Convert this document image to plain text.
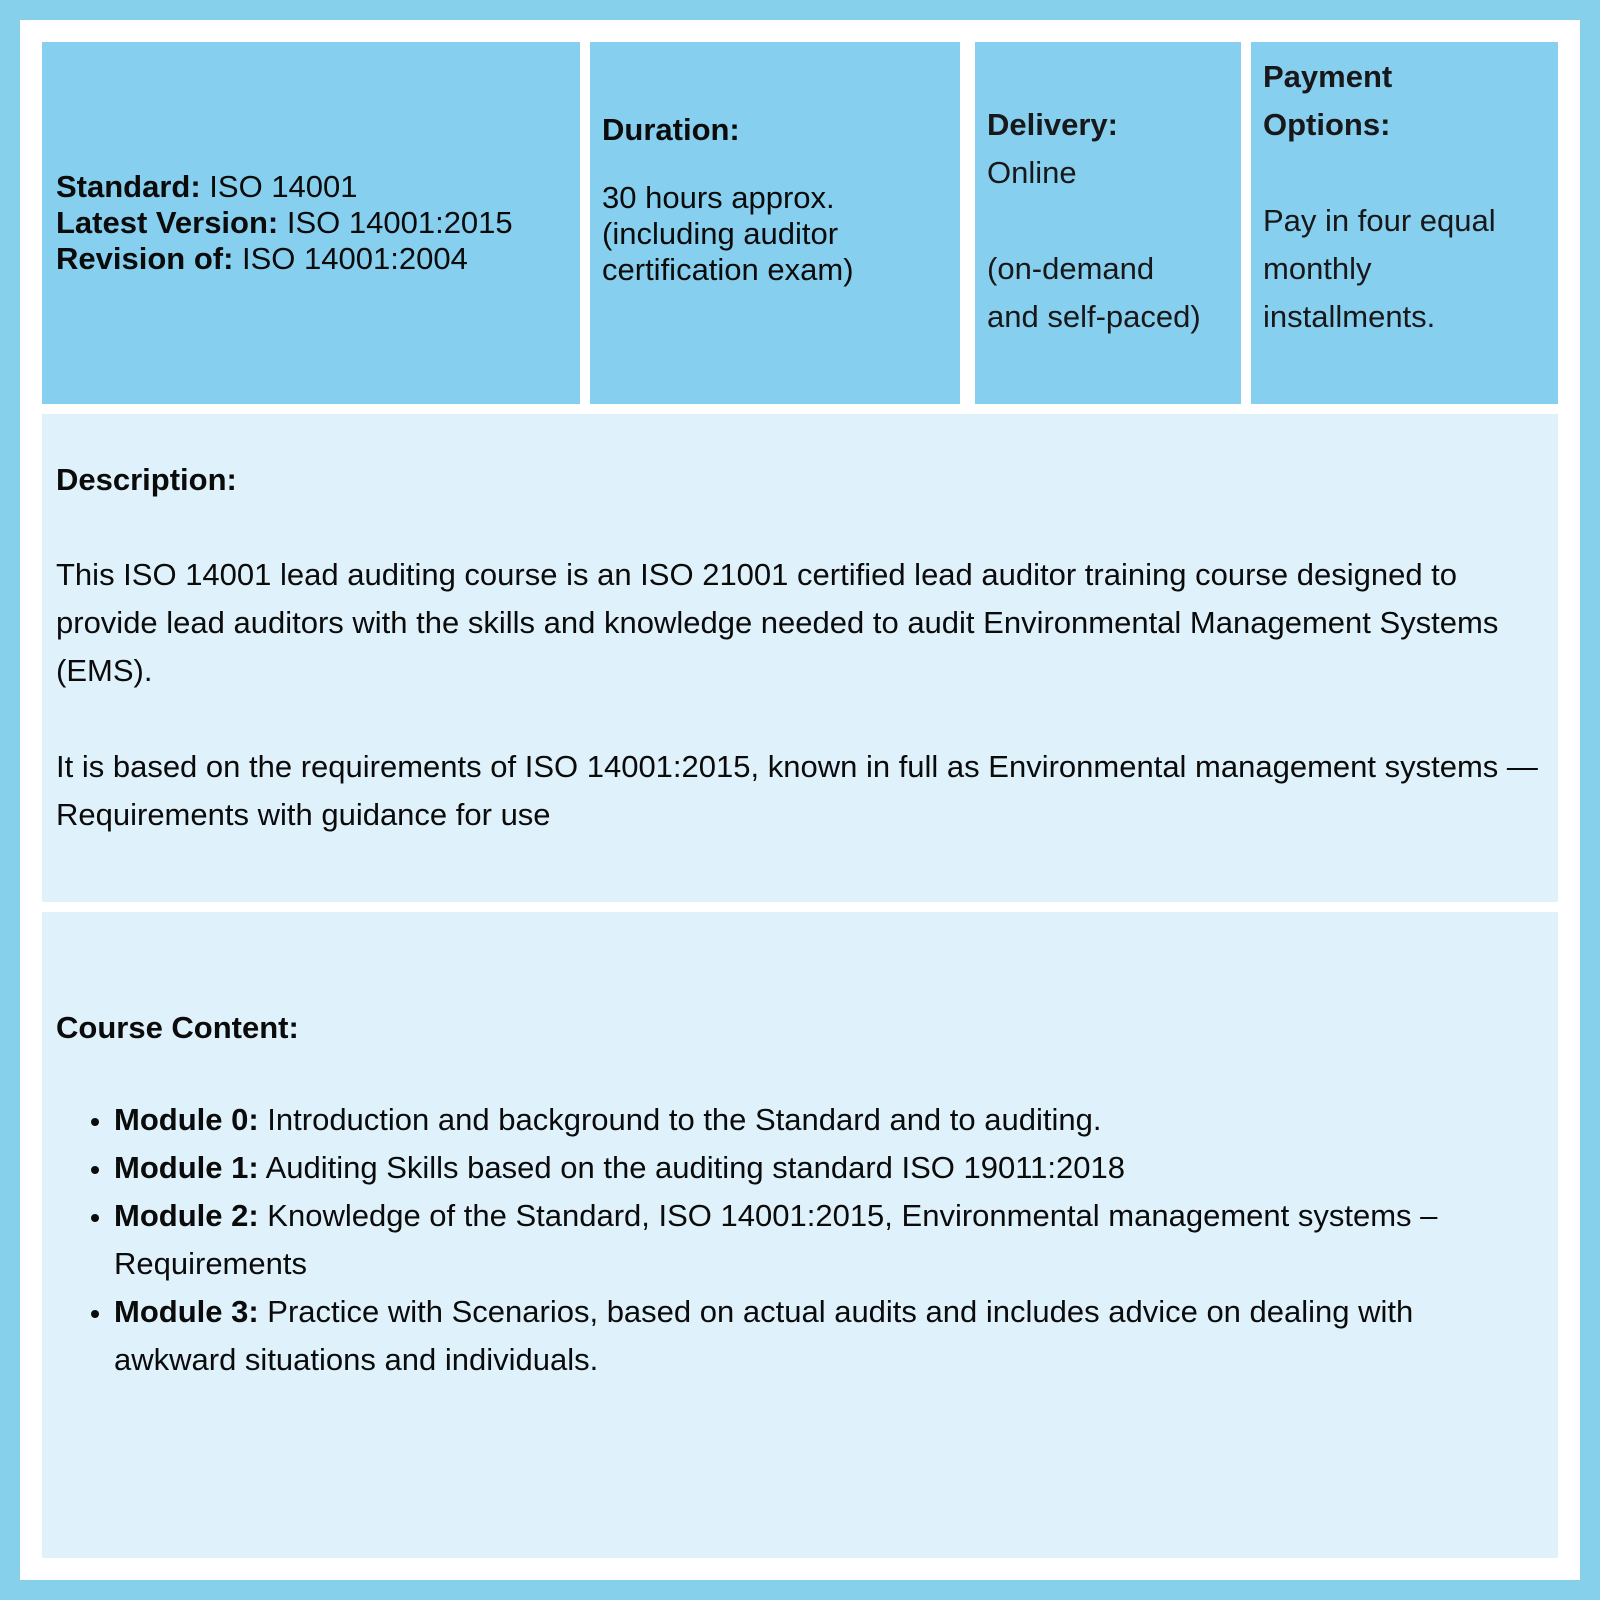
Standard: ISO 14001
Latest Version: ISO 14001:2015
Revision of: ISO 14001:2004
Duration:
30 hours approx.
(including auditor
certification exam)
Delivery:
Online
(on-demand
and self-paced)
Payment
Options:
Pay in four equal
monthly
installments.
Description:
This ISO 14001 lead auditing course is an ISO 21001 certified lead auditor training course designed to provide lead auditors with the skills and knowledge needed to audit Environmental Management Systems (EMS).
It is based on the requirements of ISO 14001:2015, known in full as Environmental management systems — Requirements with guidance for use
Course Content:
Module 0: Introduction and background to the Standard and to auditing.
Module 1: Auditing Skills based on the auditing standard ISO 19011:2018
Module 2: Knowledge of the Standard, ISO 14001:2015, Environmental management systems – Requirements
Module 3: Practice with Scenarios, based on actual audits and includes advice on dealing with awkward situations and individuals.
